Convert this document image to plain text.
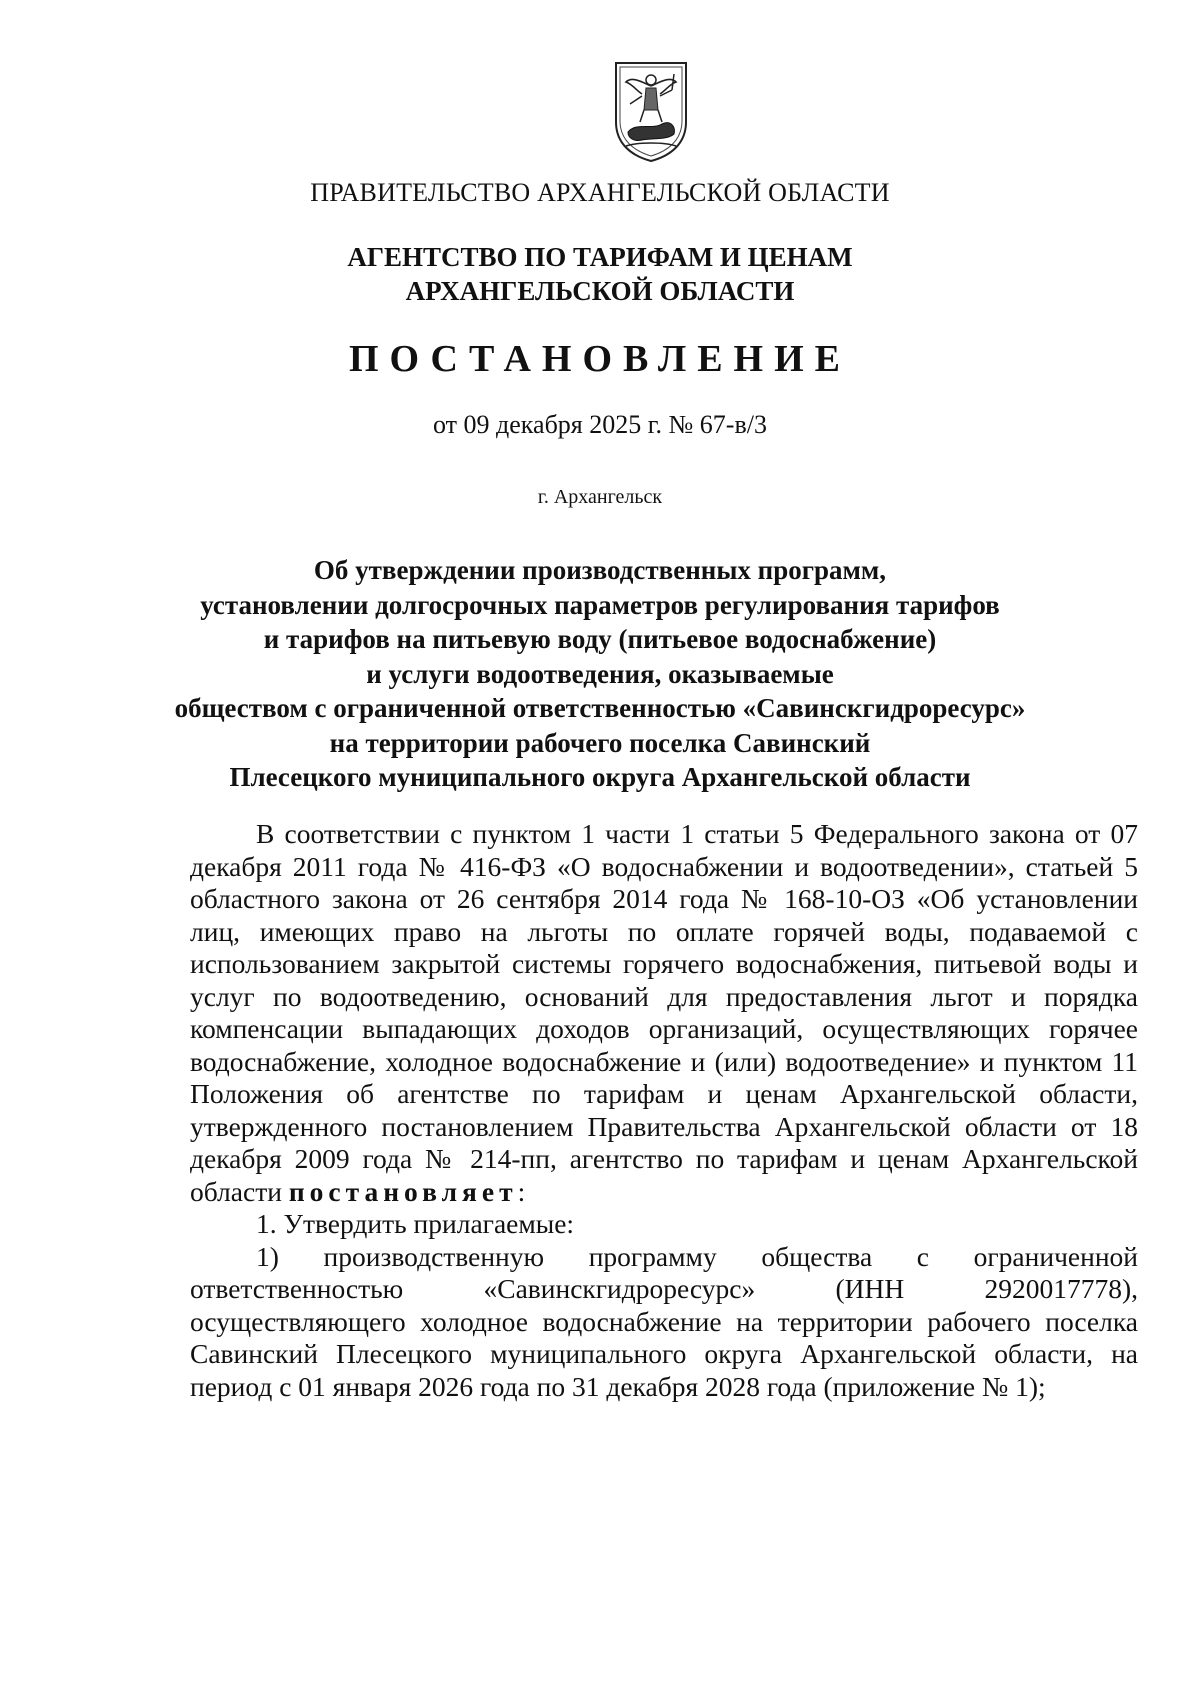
ПРАВИТЕЛЬСТВО АРХАНГЕЛЬСКОЙ ОБЛАСТИ
АГЕНТСТВО ПО ТАРИФАМ И ЦЕНАМ
АРХАНГЕЛЬСКОЙ ОБЛАСТИ
ПОСТАНОВЛЕНИЕ
от 09 декабря 2025 г. № 67-в/3
г. Архангельск
Об утверждении производственных программ,
установлении долгосрочных параметров регулирования тарифов
и тарифов на питьевую воду (питьевое водоснабжение)
и услуги водоотведения, оказываемые
обществом с ограниченной ответственностью «Савинскгидроресурс»
на территории рабочего поселка Савинский
Плесецкого муниципального округа Архангельской области

В соответствии с пунктом 1 части 1 статьи 5 Федерального закона от 07 декабря 2011 года № 416-ФЗ «О водоснабжении и водоотведении», статьей 5 областного закона от 26 сентября 2014 года № 168-10-ОЗ «Об установлении лиц, имеющих право на льготы по оплате горячей воды, подаваемой с использованием закрытой системы горячего водоснабжения, питьевой воды и услуг по водоотведению, оснований для предоставления льгот и порядка компенсации выпадающих доходов организаций, осуществляющих горячее водоснабжение, холодное водоснабжение и (или) водоотведение» и пунктом 11 Положения об агентстве по тарифам и ценам Архангельской области, утвержденного постановлением Правительства Архангельской области от 18 декабря 2009 года № 214-пп, агентство по тарифам и ценам Архангельской области постановляет:

1. Утвердить прилагаемые:

1) производственную программу общества с ограниченной ответственностью «Савинскгидроресурс» (ИНН 2920017778), осуществляющего холодное водоснабжение на территории рабочего поселка Савинский Плесецкого муниципального округа Архангельской области, на период с 01 января 2026 года по 31 декабря 2028 года (приложение № 1);
